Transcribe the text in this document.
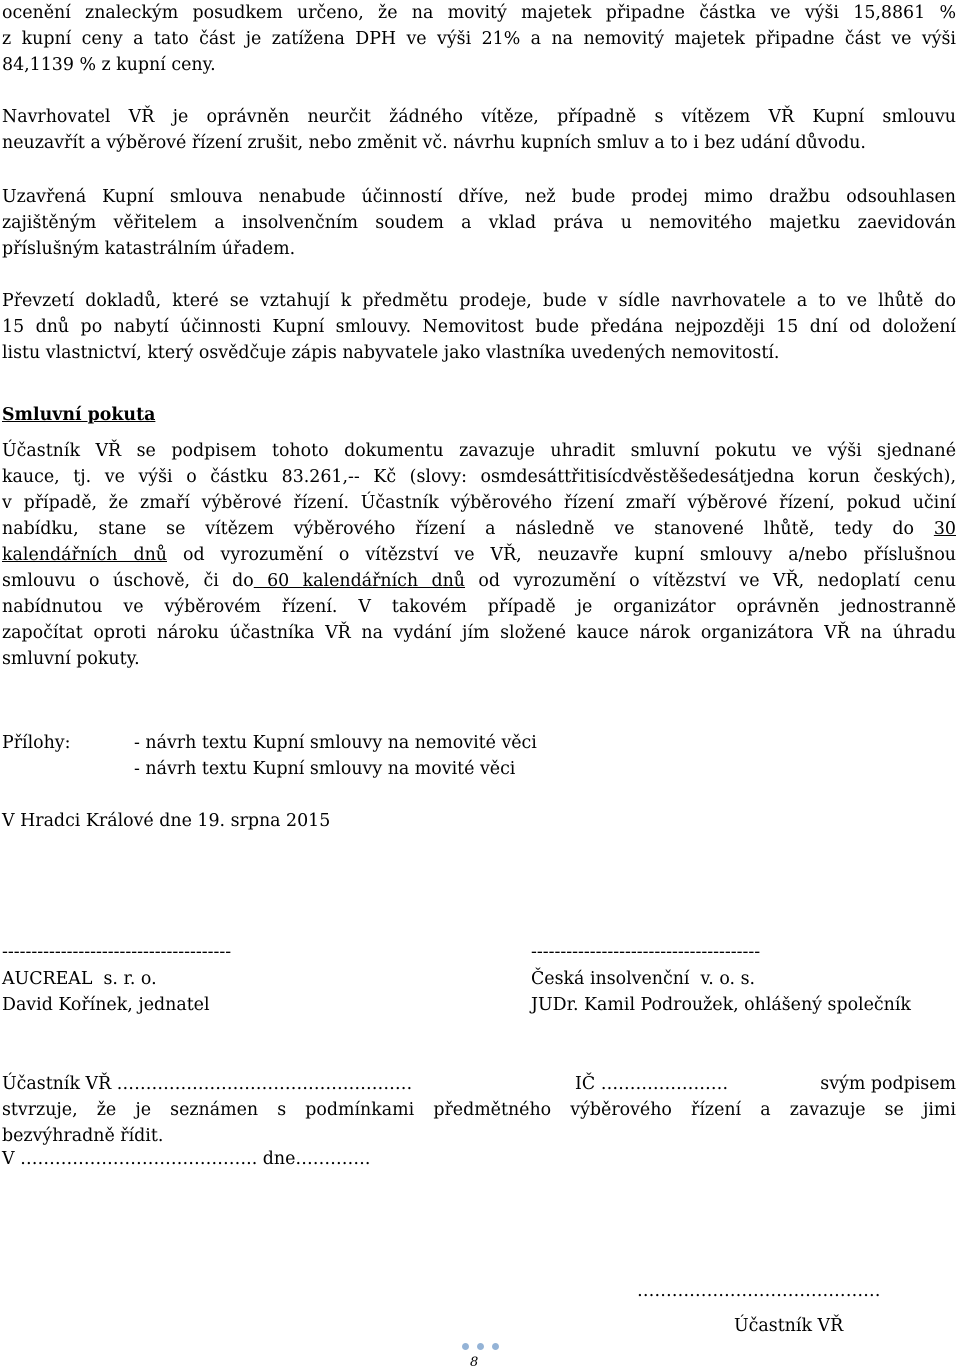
ocenění znaleckým posudkem určeno, že na movitý majetek připadne částka ve výši 15,8861 %
z kupní ceny a tato část je zatížena DPH ve výši 21% a na nemovitý majetek připadne část ve výši
84,1139 % z kupní ceny.
Navrhovatel VŘ je oprávněn neurčit žádného vítěze, případně s vítězem VŘ Kupní smlouvu
neuzavřít a výběrové řízení zrušit, nebo změnit vč. návrhu kupních smluv a to i bez udání důvodu.
Uzavřená Kupní smlouva nenabude účinností dříve, než bude prodej mimo dražbu odsouhlasen
zajištěným věřitelem a insolvenčním soudem a vklad práva u nemovitého majetku zaevidován
příslušným katastrálním úřadem.
Převzetí dokladů, které se vztahují k předmětu prodeje, bude v sídle navrhovatele a to ve lhůtě do
15 dnů po nabytí účinnosti Kupní smlouvy. Nemovitost bude předána nejpozději 15 dní od doložení
listu vlastnictví, který osvědčuje zápis nabyvatele jako vlastníka uvedených nemovitostí.
Smluvní pokuta
Účastník VŘ se podpisem tohoto dokumentu zavazuje uhradit smluvní pokutu ve výši sjednané
kauce, tj. ve výši o částku 83.261,-- Kč (slovy: osmdesáttřitisícdvěstěšedesátjedna korun českých),
v případě, že zmaří výběrové řízení. Účastník výběrového řízení zmaří výběrové řízení, pokud učiní
nabídku, stane se vítězem výběrového řízení a následně ve stanovené lhůtě, tedy do 30
kalendářních dnů od vyrozumění o vítězství ve VŘ, neuzavře kupní smlouvy a/nebo příslušnou
smlouvu o úschově, či do 60 kalendářních dnů od vyrozumění o vítězství ve VŘ, nedoplatí cenu
nabídnutou ve výběrovém řízení. V takovém případě je organizátor oprávněn jednostranně
započítat oproti nároku účastníka VŘ na vydání jím složené kauce nárok organizátora VŘ na úhradu
smluvní pokuty.
Přílohy:	- návrh textu Kupní smlouvy na nemovité věci
- návrh textu Kupní smlouvy na movité věci
V Hradci Králové dne 19. srpna 2015
---------------------------------------
AUCREAL  s. r. o.
David Kořínek, jednatel
---------------------------------------
Česká insolvenční  v. o. s.
JUDr. Kamil Podroužek, ohlášený společník
Účastník VŘ ……………………………………………	IČ ………………….	svým podpisem
stvrzuje, že je seznámen s podmínkami předmětného výběrového řízení a zavazuje se jimi
bezvýhradně řídit.
V ………………………………….. dne………….
……………………………………
Účastník VŘ
8
